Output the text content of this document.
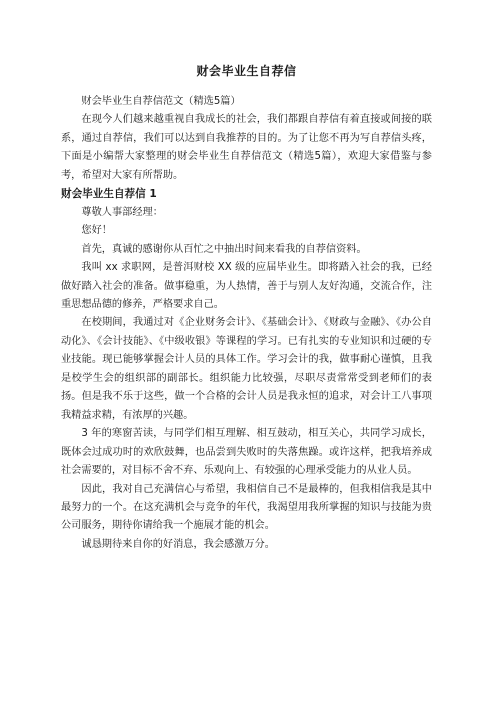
财会毕业生自荐信

财会毕业生自荐信范文（精选5篇）

在现今人们越来越重视自我成长的社会，我们都跟自荐信有着直接或间接的联系，通过自荐信，我们可以达到自我推荐的目的。为了让您不再为写自荐信头疼，下面是小编帮大家整理的财会毕业生自荐信范文（精选5篇），欢迎大家借鉴与参考，希望对大家有所帮助。

财会毕业生自荐信 1

尊敬人事部经理：

您好！

首先，真诚的感谢你从百忙之中抽出时间来看我的自荐信资料。

我叫 xx 求职网，是普洱财校 XX 级的应届毕业生。即将踏入社会的我，已经做好踏入社会的准备。做事稳重，为人热情，善于与别人友好沟通，交流合作，注重思想品德的修养，严格要求自己。

在校期间，我通过对《企业财务会计》、《基础会计》、《财政与金融》、《办公自动化》、《会计技能》、《中级收银》等课程的学习。已有扎实的专业知识和过硬的专业技能。现已能够掌握会计人员的具体工作。学习会计的我，做事耐心谨慎，且我是校学生会的组织部的副部长。组织能力比较强，尽职尽责常常受到老师们的表扬。但是我不乐于这些，做一个合格的会计人员是我永恒的追求，对会计工八事项我精益求精，有浓厚的兴趣。

3 年的寒窗苦读，与同学们相互理解、相互鼓动，相互关心，共同学习成长，既体会过成功时的欢欣鼓舞，也品尝到失败时的失落焦躁。或许这样，把我培养成社会需要的，对目标不舍不弃、乐观向上、有较强的心理承受能力的从业人员。

因此，我对自己充满信心与希望，我相信自己不是最棒的，但我相信我是其中最努力的一个。在这充满机会与竞争的年代，我渴望用我所掌握的知识与技能为贵公司服务，期待你请给我一个施展才能的机会。

诚恳期待来自你的好消息，我会感激万分。
